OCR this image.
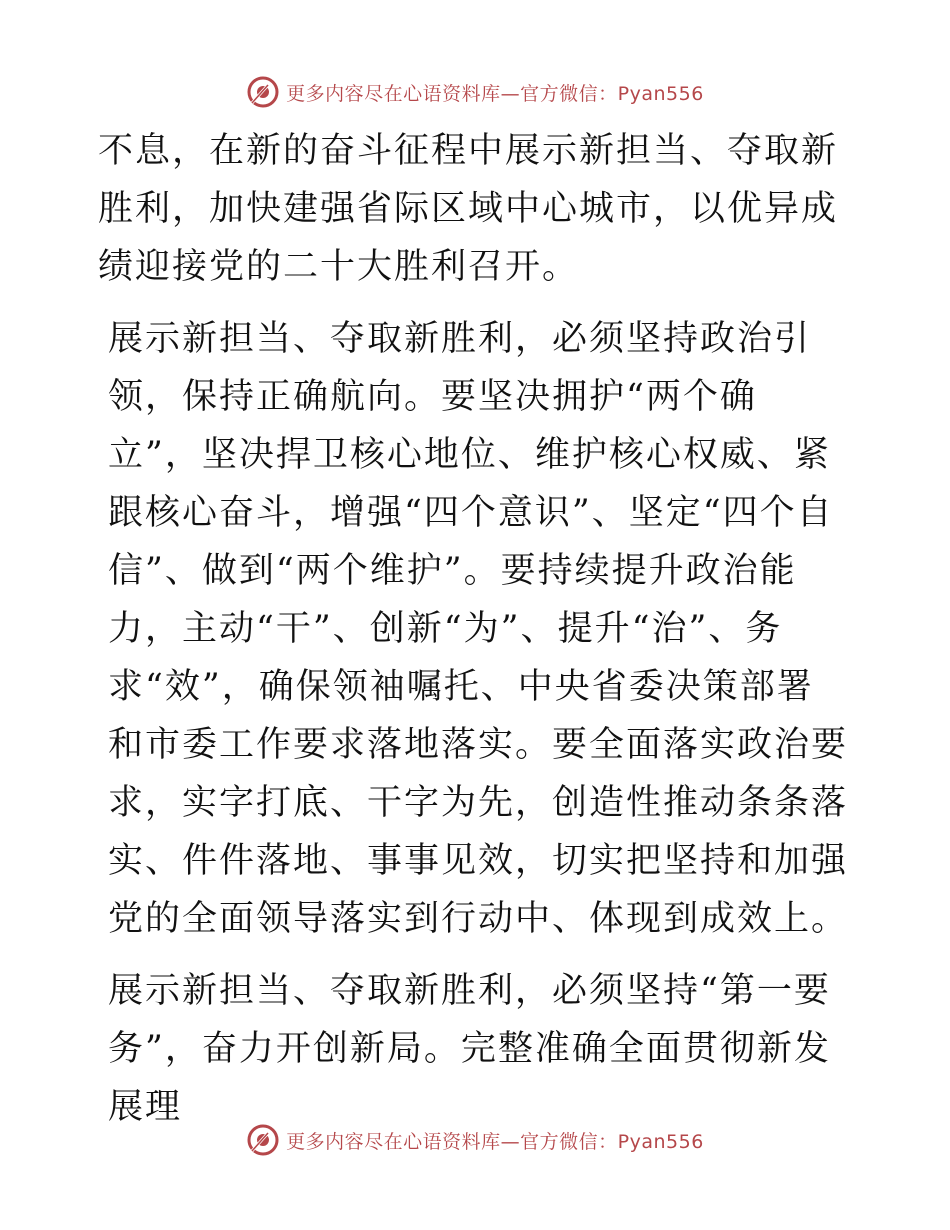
更多内容尽在心语资料库—官方微信：Pyan556

不息，在新的奋斗征程中展示新担当、夺取新胜利，加快建强省际区域中心城市，以优异成绩迎接党的二十大胜利召开。

展示新担当、夺取新胜利，必须坚持政治引领，保持正确航向。要坚决拥护“两个确立”，坚决捍卫核心地位、维护核心权威、紧跟核心奋斗，增强“四个意识”、坚定“四个自信”、做到“两个维护”。要持续提升政治能力，主动“干”、创新“为”、提升“治”、务求“效”，确保领袖嘱托、中央省委决策部署和市委工作要求落地落实。要全面落实政治要求，实字打底、干字为先，创造性推动条条落实、件件落地、事事见效，切实把坚持和加强党的全面领导落实到行动中、体现到成效上。

展示新担当、夺取新胜利，必须坚持“第一要务”，奋力开创新局。完整准确全面贯彻新发展理

更多内容尽在心语资料库—官方微信：Pyan556
